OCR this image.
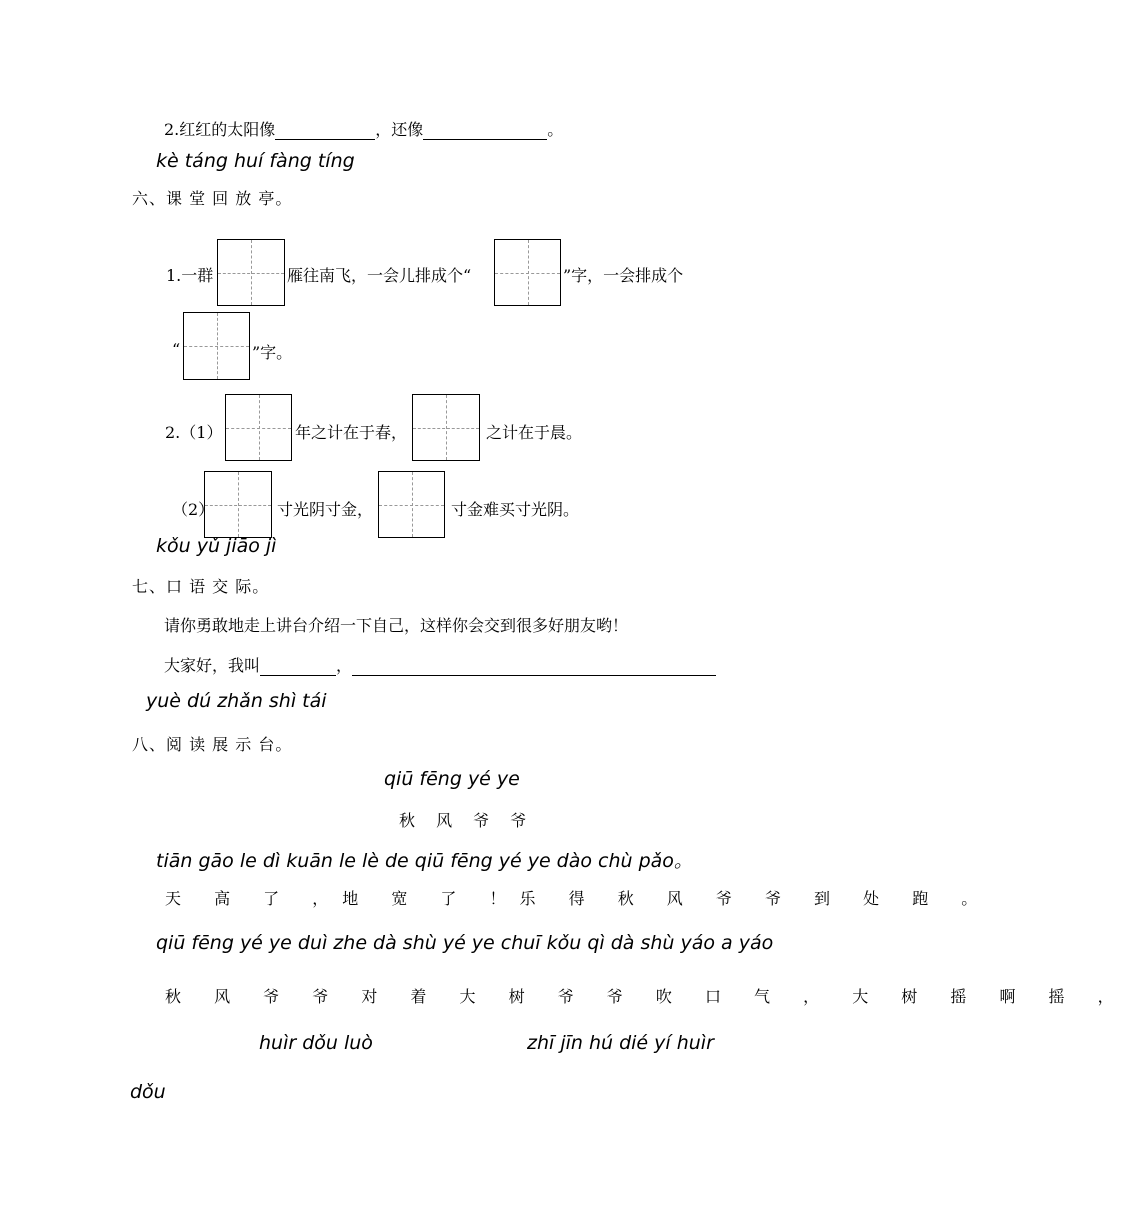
2.红红的太阳像	，还像	。
kè táng huí fàng tíng
六、课 堂 回 放 亭。
1.一群	雁往南飞，一会儿排成个“	”字，一会排成个
“	”字。
2.（1）	年之计在于春，	之计在于晨。
（2）	寸光阴寸金，	寸金难买寸光阴。
kǒu yǔ jiāo jì
七、口 语 交 际。
请你勇敢地走上讲台介绍一下自己，这样你会交到很多好朋友哟！
大家好，我叫	，
yuè dú zhǎn shì tái
八、阅 读 展 示 台。
qiū fēng yé ye
秋 风 爷 爷
tiān gāo le dì kuān le lè de qiū fēng yé ye dào chù pǎo。
天 高 了 ，地 宽 了 ！乐 得 秋 风 爷 爷 到 处 跑 。
qiū fēng yé ye duì zhe dà shù yé ye chuī kǒu qì dà shù yáo a yáo
秋 风 爷 爷 对 着 大 树 爷 爷 吹 口 气 ， 大 树 摇 啊 摇 ，
huìr dǒu luò	zhī jīn hú dié yí huìr
dǒu
